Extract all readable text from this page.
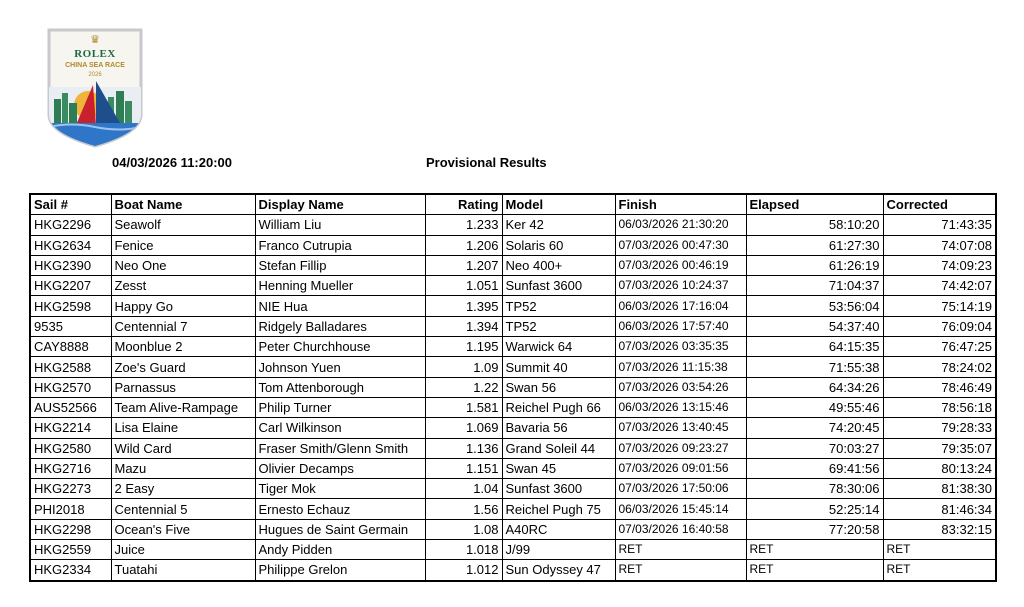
♛
ROLEX
CHINA SEA RACE
2026
04/03/2026 11:20:00	Provisional Results
Sail #	Boat Name	Display Name	Rating	Model	Finish	Elapsed	Corrected
HKG2296	Seawolf	William Liu	1.233	Ker 42	06/03/2026 21:30:20	58:10:20	71:43:35
HKG2634	Fenice	Franco Cutrupia	1.206	Solaris 60	07/03/2026 00:47:30	61:27:30	74:07:08
HKG2390	Neo One	Stefan Fillip	1.207	Neo 400+	07/03/2026 00:46:19	61:26:19	74:09:23
HKG2207	Zesst	Henning Mueller	1.051	Sunfast 3600	07/03/2026 10:24:37	71:04:37	74:42:07
HKG2598	Happy Go	NIE Hua	1.395	TP52	06/03/2026 17:16:04	53:56:04	75:14:19
9535	Centennial 7	Ridgely Balladares	1.394	TP52	06/03/2026 17:57:40	54:37:40	76:09:04
CAY8888	Moonblue 2	Peter Churchhouse	1.195	Warwick 64	07/03/2026 03:35:35	64:15:35	76:47:25
HKG2588	Zoe's Guard	Johnson Yuen	1.09	Summit 40	07/03/2026 11:15:38	71:55:38	78:24:02
HKG2570	Parnassus	Tom Attenborough	1.22	Swan 56	07/03/2026 03:54:26	64:34:26	78:46:49
AUS52566	Team Alive-Rampage	Philip Turner	1.581	Reichel Pugh 66	06/03/2026 13:15:46	49:55:46	78:56:18
HKG2214	Lisa Elaine	Carl Wilkinson	1.069	Bavaria 56	07/03/2026 13:40:45	74:20:45	79:28:33
HKG2580	Wild Card	Fraser Smith/Glenn Smith	1.136	Grand Soleil 44	07/03/2026 09:23:27	70:03:27	79:35:07
HKG2716	Mazu	Olivier Decamps	1.151	Swan 45	07/03/2026 09:01:56	69:41:56	80:13:24
HKG2273	2 Easy	Tiger Mok	1.04	Sunfast 3600	07/03/2026 17:50:06	78:30:06	81:38:30
PHI2018	Centennial 5	Ernesto Echauz	1.56	Reichel Pugh 75	06/03/2026 15:45:14	52:25:14	81:46:34
HKG2298	Ocean's Five	Hugues de Saint Germain	1.08	A40RC	07/03/2026 16:40:58	77:20:58	83:32:15
HKG2559	Juice	Andy Pidden	1.018	J/99	RET	RET	RET
HKG2334	Tuatahi	Philippe Grelon	1.012	Sun Odyssey 47	RET	RET	RET
